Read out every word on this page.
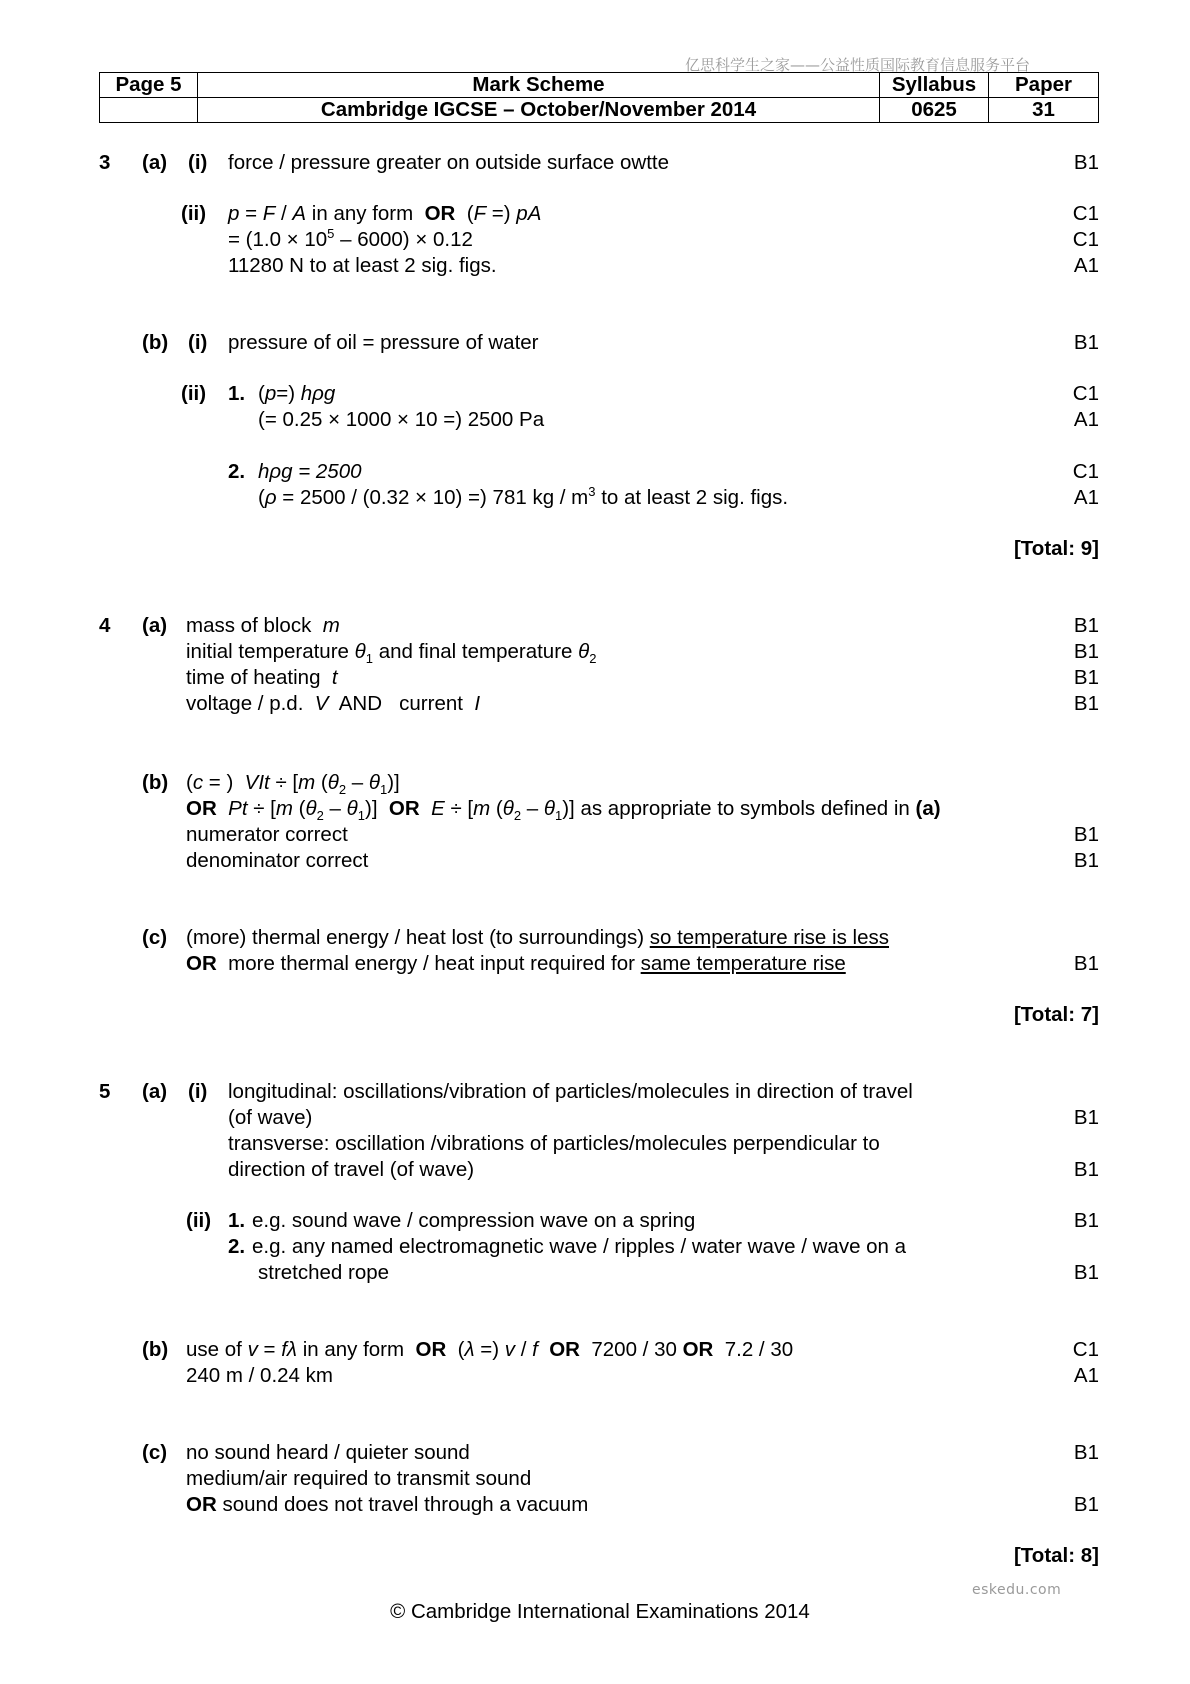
亿思科学生之家——公益性质国际教育信息服务平台
Page 5	Mark Scheme	Syllabus	Paper
	Cambridge IGCSE – October/November 2014	0625	31
3 (a) (i) force / pressure greater on outside surface owtte	B1
(ii) p = F / A in any form  OR  (F =) pA	C1
= $(1.0 \times 10^5 - 6000) \times 0.12$	C1
11280 N to at least 2 sig. figs.	A1
(b) (i) pressure of oil = pressure of water	B1
(ii) 1. (p=) hρg	C1
(= 0.25 × 1000 × 10 =) 2500 Pa	A1
2. hρg = 2500	C1
(ρ = 2500 / (0.32 × 10) =) 781 kg / $m^3$ to at least 2 sig. figs.	A1
[Total: 9]
4 (a) mass of block m	B1
initial temperature $\theta_1$ and final temperature $\theta_2$	B1
time of heating t	B1
voltage / p.d. V AND current I	B1
(b) (c = )  VIt ÷ [m $(\theta_2 - \theta_1)$]
OR Pt ÷ [m $(\theta_2 - \theta_1)$]  OR E ÷ [m $(\theta_2 - \theta_1)$] as appropriate to symbols defined in (a)
numerator correct	B1
denominator correct	B1
(c) (more) thermal energy / heat lost (to surroundings) so temperature rise is less
OR more thermal energy / heat input required for same temperature rise	B1
[Total: 7]
5 (a) (i) longitudinal: oscillations/vibration of particles/molecules in direction of travel
(of wave)	B1
transverse: oscillation /vibrations of particles/molecules perpendicular to
direction of travel (of wave)	B1
(ii) 1. e.g. sound wave / compression wave on a spring	B1
2. e.g. any named electromagnetic wave / ripples / water wave / wave on a
stretched rope	B1
(b) use of v = fλ in any form OR  (λ =) v / f OR 7200 / 30 OR 7.2 / 30	C1
240 m / 0.24 km	A1
(c) no sound heard / quieter sound	B1
medium/air required to transmit sound
OR sound does not travel through a vacuum	B1
[Total: 8]
eskedu.com
© Cambridge International Examinations 2014
